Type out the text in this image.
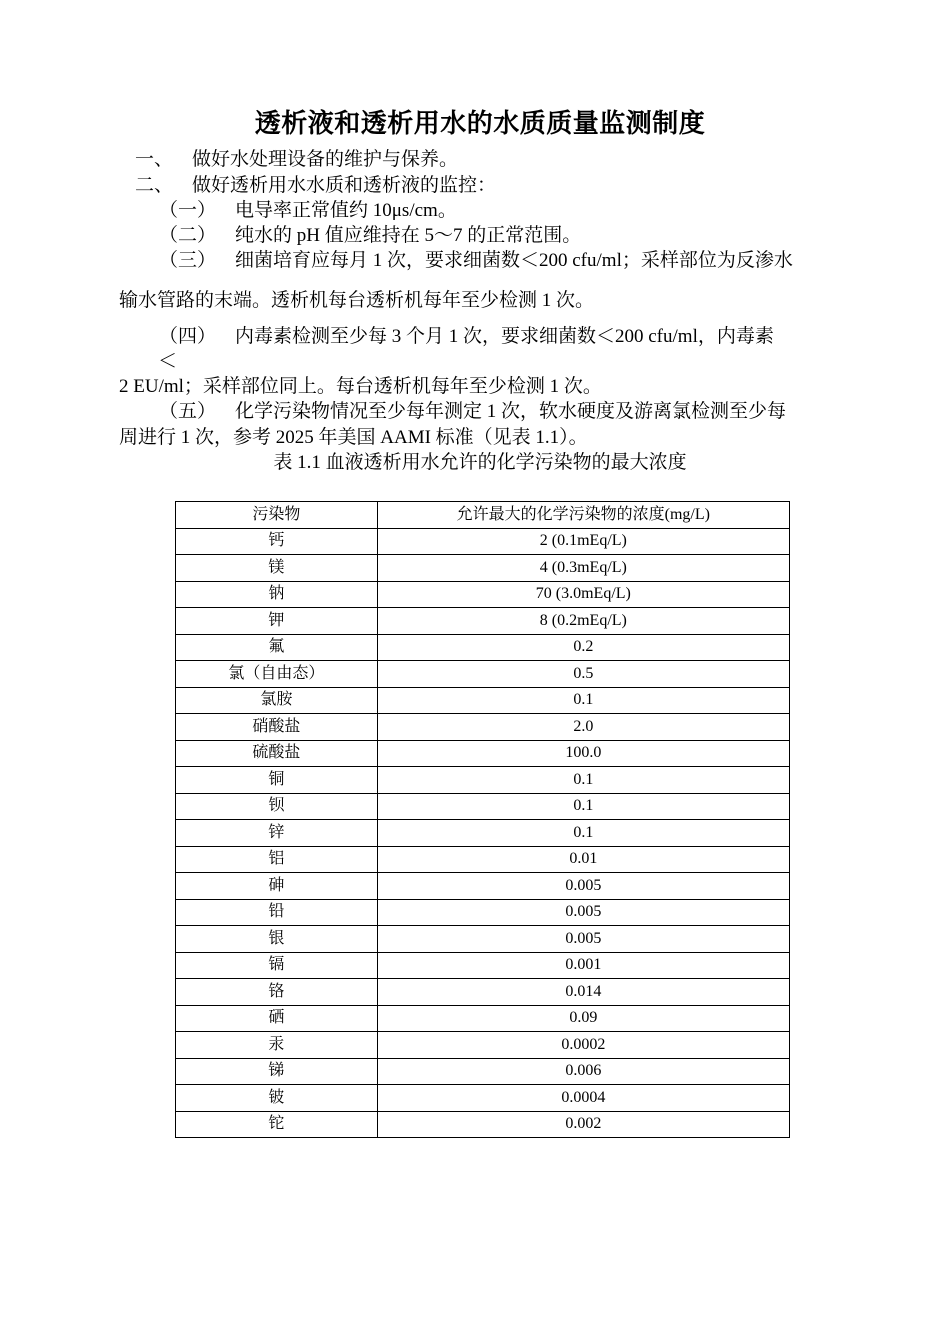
透析液和透析用水的水质质量监测制度
一、 做好水处理设备的维护与保养。
二、 做好透析用水水质和透析液的监控：
（一） 电导率正常值约 10μs/cm。
（二） 纯水的 pH 值应维持在 5～7 的正常范围。
（三） 细菌培育应每月 1 次，要求细菌数＜200 cfu/ml；采样部位为反渗水
输水管路的末端。透析机每台透析机每年至少检测 1 次。
（四） 内毒素检测至少每 3 个月 1 次，要求细菌数＜200 cfu/ml，内毒素
＜
2 EU/ml；采样部位同上。每台透析机每年至少检测 1 次。
（五） 化学污染物情况至少每年测定 1 次，软水硬度及游离氯检测至少每
周进行 1 次，参考 2025 年美国 AAMI 标准（见表 1.1）。
表 1.1 血液透析用水允许的化学污染物的最大浓度
污染物	允许最大的化学污染物的浓度(mg/L)
钙	2 (0.1mEq/L)
镁	4 (0.3mEq/L)
钠	70 (3.0mEq/L)
钾	8 (0.2mEq/L)
氟	0.2
氯（自由态）	0.5
氯胺	0.1
硝酸盐	2.0
硫酸盐	100.0
铜	0.1
钡	0.1
锌	0.1
铝	0.01
砷	0.005
铅	0.005
银	0.005
镉	0.001
铬	0.014
硒	0.09
汞	0.0002
锑	0.006
铍	0.0004
铊	0.002
